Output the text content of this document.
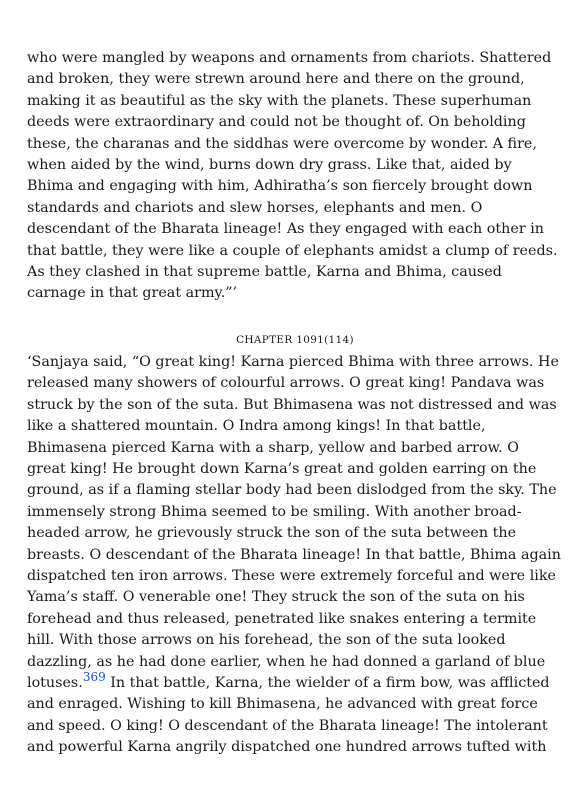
who were mangled by weapons and ornaments from chariots. Shattered
and broken, they were strewn around here and there on the ground,
making it as beautiful as the sky with the planets. These superhuman
deeds were extraordinary and could not be thought of. On beholding
these, the charanas and the siddhas were overcome by wonder. A fire,
when aided by the wind, burns down dry grass. Like that, aided by
Bhima and engaging with him, Adhiratha’s son fiercely brought down
standards and chariots and slew horses, elephants and men. O
descendant of the Bharata lineage! As they engaged with each other in
that battle, they were like a couple of elephants amidst a clump of reeds.
As they clashed in that supreme battle, Karna and Bhima, caused
carnage in that great army.”’
CHAPTER 1091(114)
‘Sanjaya said, “O great king! Karna pierced Bhima with three arrows. He
released many showers of colourful arrows. O great king! Pandava was
struck by the son of the suta. But Bhimasena was not distressed and was
like a shattered mountain. O Indra among kings! In that battle,
Bhimasena pierced Karna with a sharp, yellow and barbed arrow. O
great king! He brought down Karna’s great and golden earring on the
ground, as if a flaming stellar body had been dislodged from the sky. The
immensely strong Bhima seemed to be smiling. With another broad-
headed arrow, he grievously struck the son of the suta between the
breasts. O descendant of the Bharata lineage! In that battle, Bhima again
dispatched ten iron arrows. These were extremely forceful and were like
Yama’s staff. O venerable one! They struck the son of the suta on his
forehead and thus released, penetrated like snakes entering a termite
hill. With those arrows on his forehead, the son of the suta looked
dazzling, as he had done earlier, when he had donned a garland of blue
lotuses.$^{369}$ In that battle, Karna, the wielder of a firm bow, was afflicted
and enraged. Wishing to kill Bhimasena, he advanced with great force
and speed. O king! O descendant of the Bharata lineage! The intolerant
and powerful Karna angrily dispatched one hundred arrows tufted with
